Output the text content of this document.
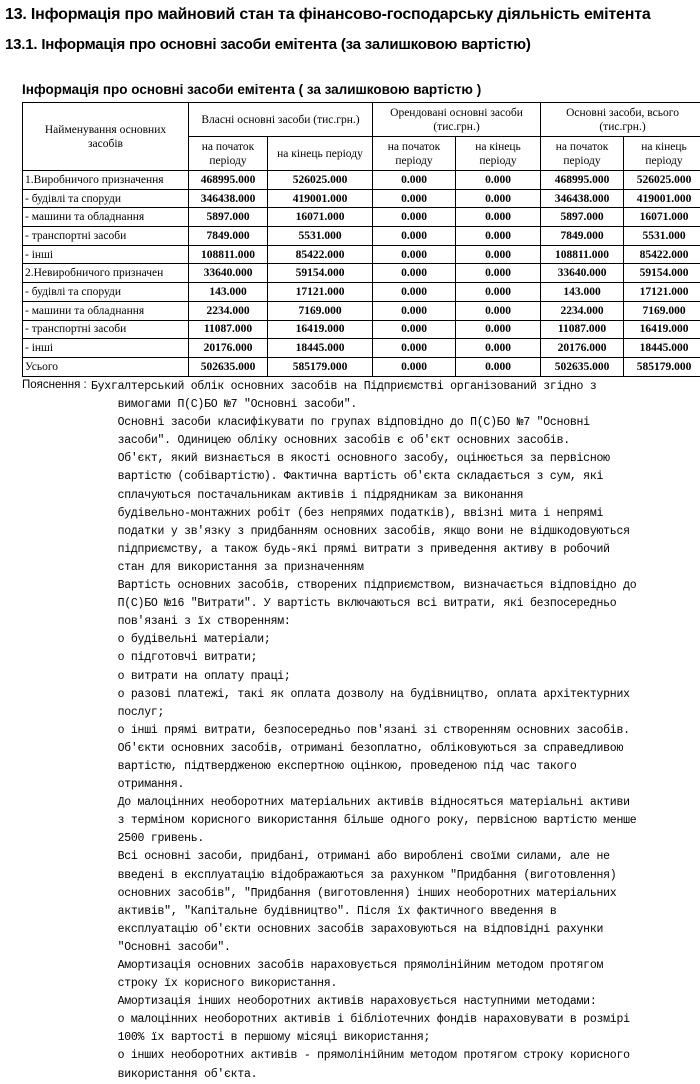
13. Інформація про майновий стан та фінансово-господарську діяльність емітента
13.1. Інформація про основні засоби емітента (за залишковою вартістю)
Інформація про основні засоби емітента ( за залишковою вартістю )
Найменування основних засобів	Власні основні засоби (тис.грн.)		Орендовані основні засоби (тис.грн.)		Основні засоби, всього (тис.грн.)	
	на початок періоду	на кінець періоду	на початок періоду	на кінець періоду	на початок періоду	на кінець періоду
1.Виробничого призначення	468995.000	526025.000	0.000	0.000	468995.000	526025.000
- будівлі та споруди	346438.000	419001.000	0.000	0.000	346438.000	419001.000
- машини та обладнання	5897.000	16071.000	0.000	0.000	5897.000	16071.000
- транспортні засоби	7849.000	5531.000	0.000	0.000	7849.000	5531.000
- інші	108811.000	85422.000	0.000	0.000	108811.000	85422.000
2.Невиробничого призначен	33640.000	59154.000	0.000	0.000	33640.000	59154.000
- будівлі та споруди	143.000	17121.000	0.000	0.000	143.000	17121.000
- машини та обладнання	2234.000	7169.000	0.000	0.000	2234.000	7169.000
- транспортні засоби	11087.000	16419.000	0.000	0.000	11087.000	16419.000
- інші	20176.000	18445.000	0.000	0.000	20176.000	18445.000
Усього	502635.000	585179.000	0.000	0.000	502635.000	585179.000
Пояснення : Бухгалтерський облік основних засобів на Підприємстві організований згідно з
вимогами П(С)БО №7 "Основні засоби".
Основні засоби класифікувати по групах відповідно до П(С)БО №7 "Основні
засоби". Одиницею обліку основних засобів є об'єкт основних засобів.
Об'єкт, який визнається в якості основного засобу, оцінюється за первісною
вартістю (собівартістю). Фактична вартість об'єкта складається з сум, які
сплачуються постачальникам активів і підрядникам за виконання
будівельно-монтажних робіт (без непрямих податків), ввізні мита і непрямі
податки у зв'язку з придбанням основних засобів, якщо вони не відшкодовуються
підприємству, а також будь-які прямі витрати з приведення активу в робочий
стан для використання за призначенням
Вартість основних засобів, створених підприємством, визначається відповідно до
П(С)БО №16 "Витрати". У вартість включаються всі витрати, які безпосередньо
пов'язані з їх створенням:
о будівельні матеріали;
о підготовчі витрати;
о витрати на оплату праці;
о разові платежі, такі як оплата дозволу на будівництво, оплата архітектурних
послуг;
о інші прямі витрати, безпосередньо пов'язані зі створенням основних засобів.
Об'єкти основних засобів, отримані безоплатно, обліковуються за справедливою
вартістю, підтвердженою експертною оцінкою, проведеною під час такого
отримання.
До малоцінних необоротних матеріальних активів відносяться матеріальні активи
з терміном корисного використання більше одного року, первісною вартістю менше
2500 гривень.
Всі основні засоби, придбані, отримані або вироблені своїми силами, але не
введені в експлуатацію відображаються за рахунком "Придбання (виготовлення)
основних засобів", "Придбання (виготовлення) інших необоротних матеріальних
активів", "Капітальне будівництво". Після їх фактичного введення в
експлуатацію об'єкти основних засобів зараховуються на відповідні рахунки
"Основні засоби".
Амортизація основних засобів нараховується прямолінійним методом протягом
строку їх корисного використання.
Амортизація інших необоротних активів нараховується наступними методами:
о малоцінних необоротних активів і бібліотечних фондів нараховувати в розмірі
100% їх вартості в першому місяці використання;
о інших необоротних активів - прямолінійним методом протягом строку корисного
використання об'єкта.
